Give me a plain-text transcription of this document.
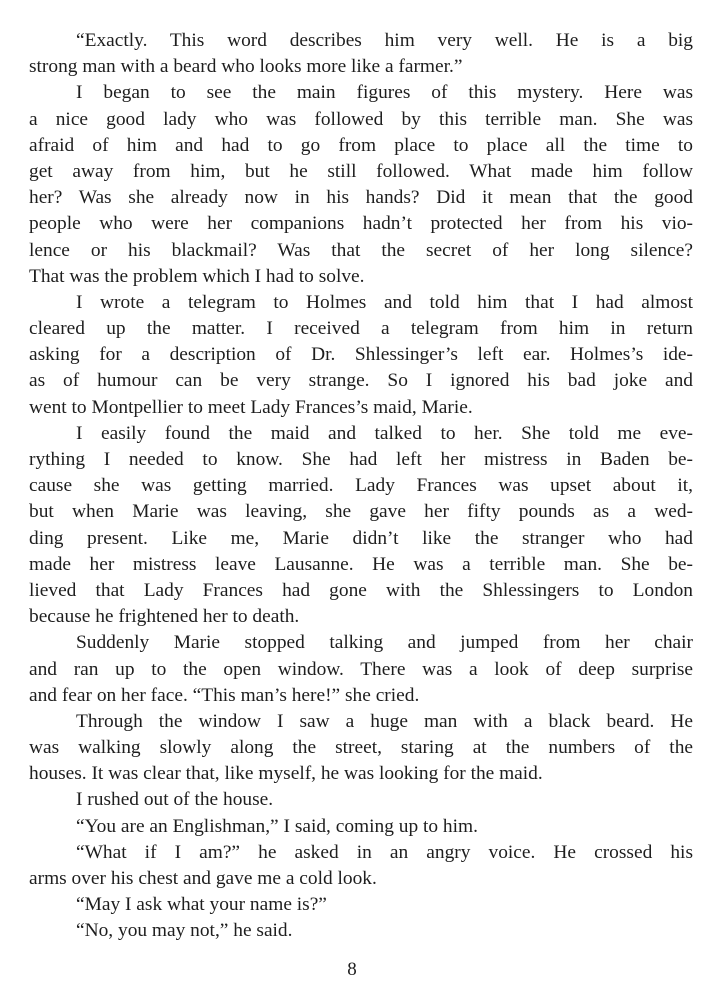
“Exactly. This word describes him very well. He is a big
strong man with a beard who looks more like a farmer.”
I began to see the main figures of this mystery. Here was
a nice good lady who was followed by this terrible man. She was
afraid of him and had to go from place to place all the time to
get away from him, but he still followed. What made him follow
her? Was she already now in his hands? Did it mean that the good
people who were her companions hadn’t protected her from his vio-
lence or his blackmail? Was that the secret of her long silence?
That was the problem which I had to solve.
I wrote a telegram to Holmes and told him that I had almost
cleared up the matter. I received a telegram from him in return
asking for a description of Dr. Shlessinger’s left ear. Holmes’s ide-
as of humour can be very strange. So I ignored his bad joke and
went to Montpellier to meet Lady Frances’s maid, Marie.
I easily found the maid and talked to her. She told me eve-
rything I needed to know. She had left her mistress in Baden be-
cause she was getting married. Lady Frances was upset about it,
but when Marie was leaving, she gave her fifty pounds as a wed-
ding present. Like me, Marie didn’t like the stranger who had
made her mistress leave Lausanne. He was a terrible man. She be-
lieved that Lady Frances had gone with the Shlessingers to London
because he frightened her to death.
Suddenly Marie stopped talking and jumped from her chair
and ran up to the open window. There was a look of deep surprise
and fear on her face. “This man’s here!” she cried.
Through the window I saw a huge man with a black beard. He
was walking slowly along the street, staring at the numbers of the
houses. It was clear that, like myself, he was looking for the maid.
I rushed out of the house.
“You are an Englishman,” I said, coming up to him.
“What if I am?” he asked in an angry voice. He crossed his
arms over his chest and gave me a cold look.
“May I ask what your name is?”
“No, you may not,” he said.
8
